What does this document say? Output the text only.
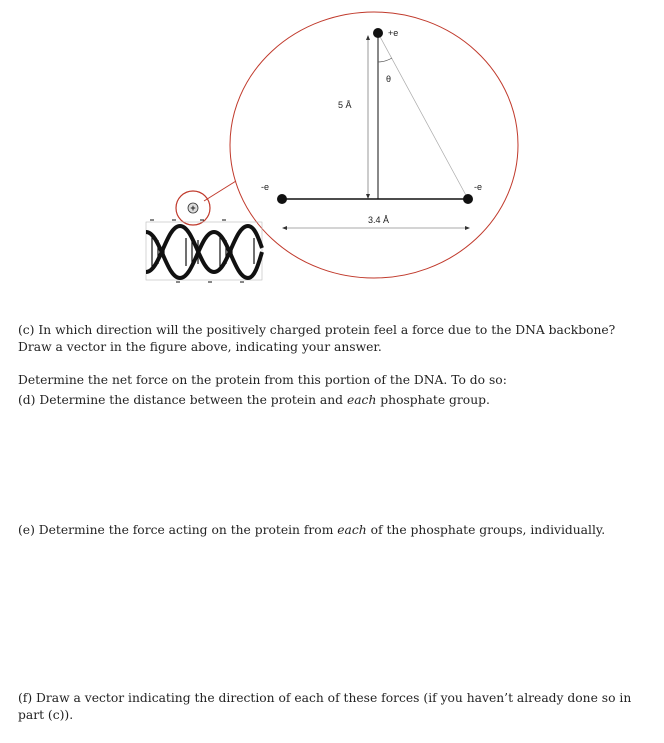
+
+e
-e	-e
θ
5 Å
3.4 Å

(c) In which direction will the positively charged protein feel a force due to the DNA backbone? Draw a vector in the figure above, indicating your answer.

Determine the net force on the protein from this portion of the DNA. To do so:

(d) Determine the distance between the protein and each phosphate group.

(e) Determine the force acting on the protein from each of the phosphate groups, individually.

(f) Draw a vector indicating the direction of each of these forces (if you haven’t already done so in part (c)).
